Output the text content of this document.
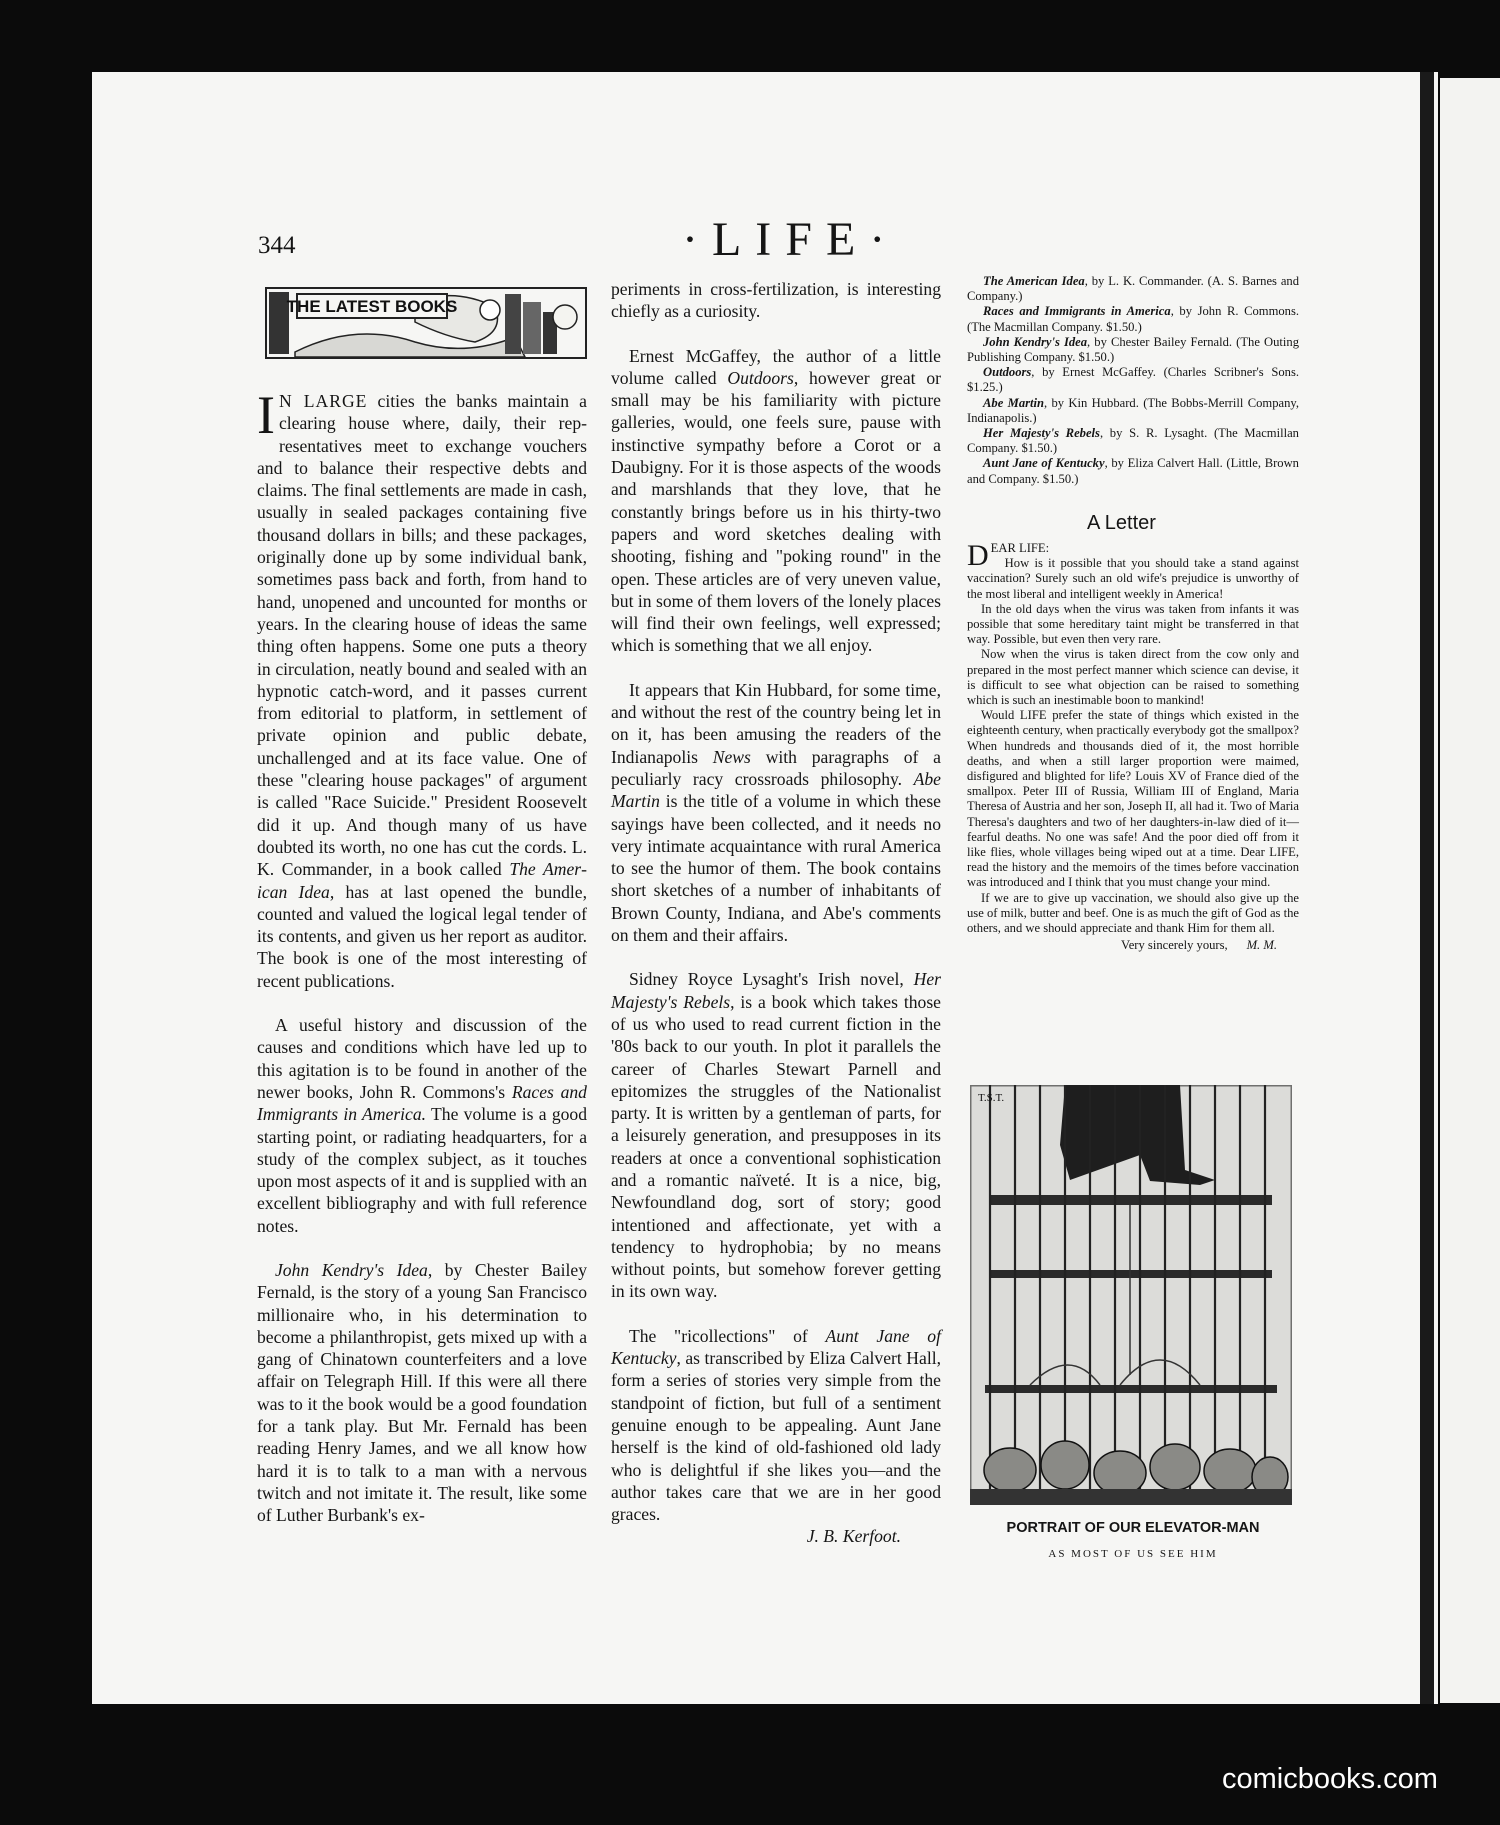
344	·LIFE·
THE LATEST BOOKS

I N LARGE cities the banks maintain a clearing house where, daily, their representatives meet to exchange vouchers and to balance their respective debts and claims. The final settlements are made in cash, usually in sealed packages containing five thousand dollars in bills; and these packages, originally done up by some individual bank, sometimes pass back and forth, from hand to hand, unopened and uncounted for months or years. In the clearing house of ideas the same thing often happens. Some one puts a theory in circulation, neatly bound and sealed with an hypnotic catch-word, and it passes current from editorial to platform, in settlement of private opinion and public debate, unchallenged and at its face value. One of these "clearing house packages" of argument is called "Race Suicide." President Roosevelt did it up. And though many of us have doubted its worth, no one has cut the cords. L. K. Commander, in a book called The American Idea, has at last opened the bundle, counted and valued the logical legal tender of its contents, and given us her report as auditor. The book is one of the most interesting of recent publications.

A useful history and discussion of the causes and conditions which have led up to this agitation is to be found in another of the newer books, John R. Commons's Races and Immigrants in America. The volume is a good starting point, or radiating headquarters, for a study of the complex subject, as it touches upon most aspects of it and is supplied with an excellent bibliography and with full reference notes.

John Kendry's Idea, by Chester Bailey Fernald, is the story of a young San Francisco millionaire who, in his determination to become a philanthropist, gets mixed up with a gang of Chinatown counterfeiters and a love affair on Telegraph Hill. If this were all there was to it the book would be a good foundation for a tank play. But Mr. Fernald has been reading Henry James, and we all know how hard it is to talk to a man with a nervous twitch and not imitate it. The result, like some of Luther Burbank's ex-

periments in cross-fertilization, is interesting chiefly as a curiosity.

Ernest McGaffey, the author of a little volume called Outdoors, however great or small may be his familiarity with picture galleries, would, one feels sure, pause with instinctive sympathy before a Corot or a Daubigny. For it is those aspects of the woods and marshlands that they love, that he constantly brings before us in his thirty-two papers and word sketches dealing with shooting, fishing and "poking round" in the open. These articles are of very uneven value, but in some of them lovers of the lonely places will find their own feelings, well expressed; which is something that we all enjoy.

It appears that Kin Hubbard, for some time, and without the rest of the country being let in on it, has been amusing the readers of the Indianapolis News with paragraphs of a peculiarly racy crossroads philosophy. Abe Martin is the title of a volume in which these sayings have been collected, and it needs no very intimate acquaintance with rural America to see the humor of them. The book contains short sketches of a number of inhabitants of Brown County, Indiana, and Abe's comments on them and their affairs.

Sidney Royce Lysaght's Irish novel, Her Majesty's Rebels, is a book which takes those of us who used to read current fiction in the '80s back to our youth. In plot it parallels the career of Charles Stewart Parnell and epitomizes the struggles of the Nationalist party. It is written by a gentleman of parts, for a leisurely generation, and presupposes in its readers at once a conventional sophistication and a romantic naïveté. It is a nice, big, Newfoundland dog, sort of story; good intentioned and affectionate, yet with a tendency to hydrophobia; by no means without points, but somehow forever getting in its own way.

The "ricollections" of Aunt Jane of Kentucky, as transcribed by Eliza Calvert Hall, form a series of stories very simple from the standpoint of fiction, but full of a sentiment genuine enough to be appealing. Aunt Jane herself is the kind of old-fashioned old lady who is delightful if she likes you—and the author takes care that we are in her good graces.

J. B. Kerfoot.
The American Idea, by L. K. Commander. (A. S. Barnes and Company.)
Races and Immigrants in America, by John R. Commons. (The Macmillan Company. $1.50.)
John Kendry's Idea, by Chester Bailey Fernald. (The Outing Publishing Company. $1.50.)
Outdoors, by Ernest McGaffey. (Charles Scribner's Sons. $1.25.)
Abe Martin, by Kin Hubbard. (The Bobbs-Merrill Company, Indianapolis.)
Her Majesty's Rebels, by S. R. Lysaght. (The Macmillan Company. $1.50.)
Aunt Jane of Kentucky, by Eliza Calvert Hall. (Little, Brown and Company. $1.50.)
A Letter

DEAR LIFE:

How is it possible that you should take a stand against vaccination? Surely such an old wife's prejudice is unworthy of the most liberal and intelligent weekly in America!

In the old days when the virus was taken from infants it was possible that some hereditary taint might be transferred in that way. Possible, but even then very rare.

Now when the virus is taken direct from the cow only and prepared in the most perfect manner which science can devise, it is difficult to see what objection can be raised to something which is such an inestimable boon to mankind!

Would LIFE prefer the state of things which existed in the eighteenth century, when practically everybody got the smallpox? When hundreds and thousands died of it, the most horrible deaths, and when a still larger proportion were maimed, disfigured and blighted for life? Louis XV of France died of the smallpox. Peter III of Russia, William III of England, Maria Theresa of Austria and her son, Joseph II, all had it. Two of Maria Theresa's daughters and two of her daughters-in-law died of it—fearful deaths. No one was safe! And the poor died off from it like flies, whole villages being wiped out at a time. Dear LIFE, read the history and the memoirs of the times before vaccination was introduced and I think that you must change your mind.

If we are to give up vaccination, we should also give up the use of milk, butter and beef. One is as much the gift of God as the others, and we should appreciate and thank Him for them all.

Very sincerely yours, M. M.
T.S.T.
PORTRAIT OF OUR ELEVATOR-MAN
AS MOST OF US SEE HIM
comicbooks.com
